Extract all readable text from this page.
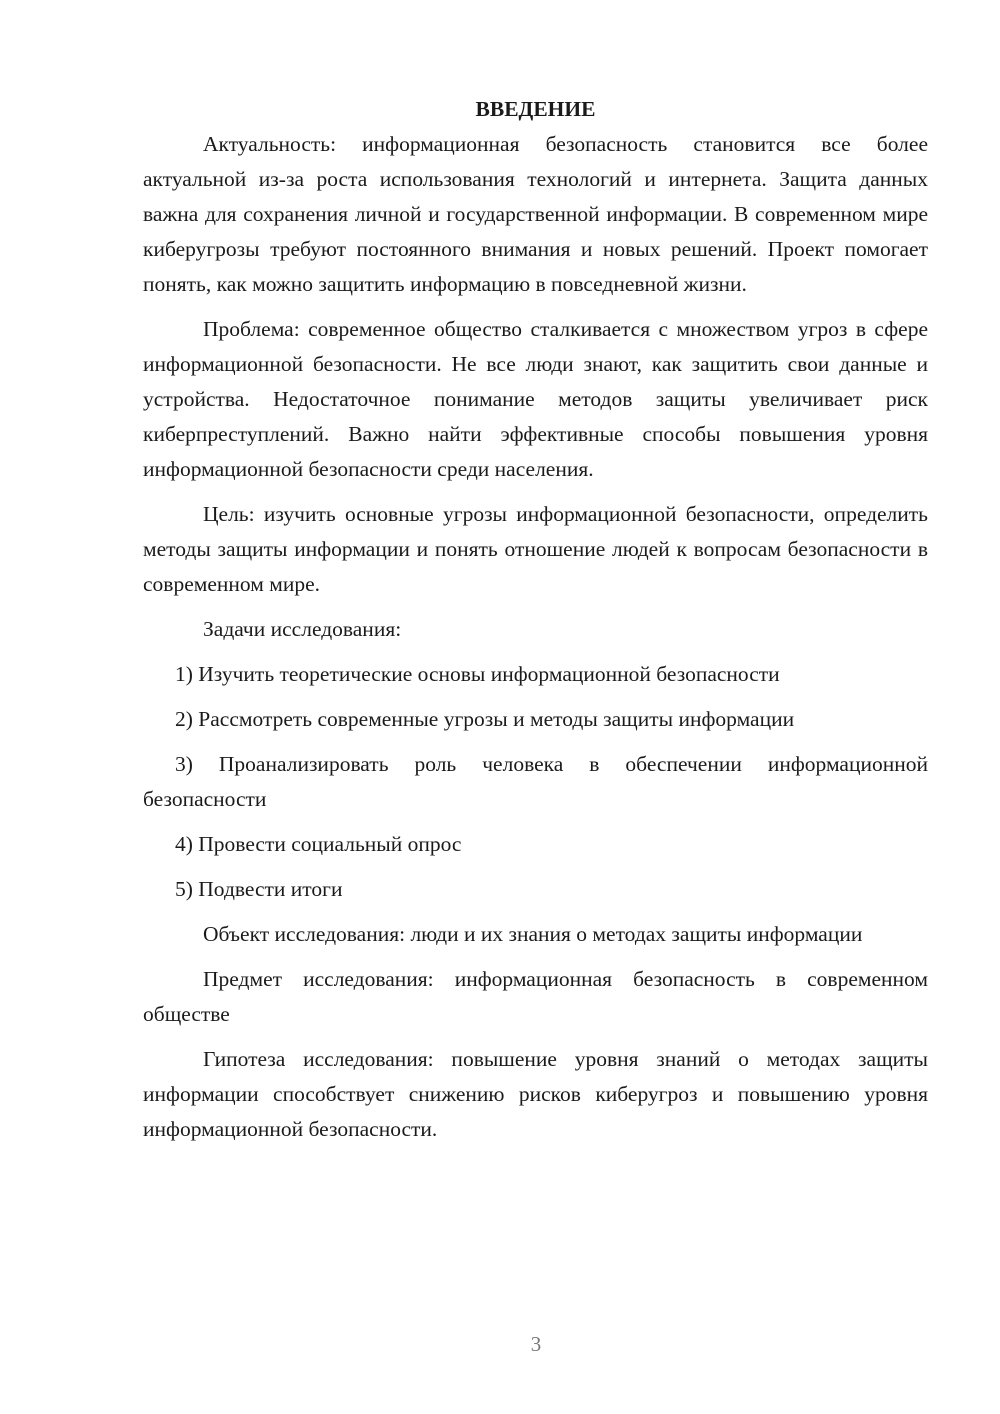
ВВЕДЕНИЕ

Актуальность: информационная безопасность становится все более актуальной из-за роста использования технологий и интернета. Защита данных важна для сохранения личной и государственной информации. В современном мире киберугрозы требуют постоянного внимания и новых решений. Проект помогает понять, как можно защитить информацию в повседневной жизни.

Проблема: современное общество сталкивается с множеством угроз в сфере информационной безопасности. Не все люди знают, как защитить свои данные и устройства. Недостаточное понимание методов защиты увеличивает риск киберпреступлений. Важно найти эффективные способы повышения уровня информационной безопасности среди населения.

Цель: изучить основные угрозы информационной безопасности, определить методы защиты информации и понять отношение людей к вопросам безопасности в современном мире.

Задачи исследования:

1) Изучить теоретические основы информационной безопасности

2) Рассмотреть современные угрозы и методы защиты информации

3) Проанализировать роль человека в обеспечении информационной безопасности

4) Провести социальный опрос

5) Подвести итоги

Объект исследования: люди и их знания о методах защиты информации

Предмет исследования: информационная безопасность в современном обществе

Гипотеза исследования: повышение уровня знаний о методах защиты информации способствует снижению рисков киберугроз и повышению уровня информационной безопасности.

3
